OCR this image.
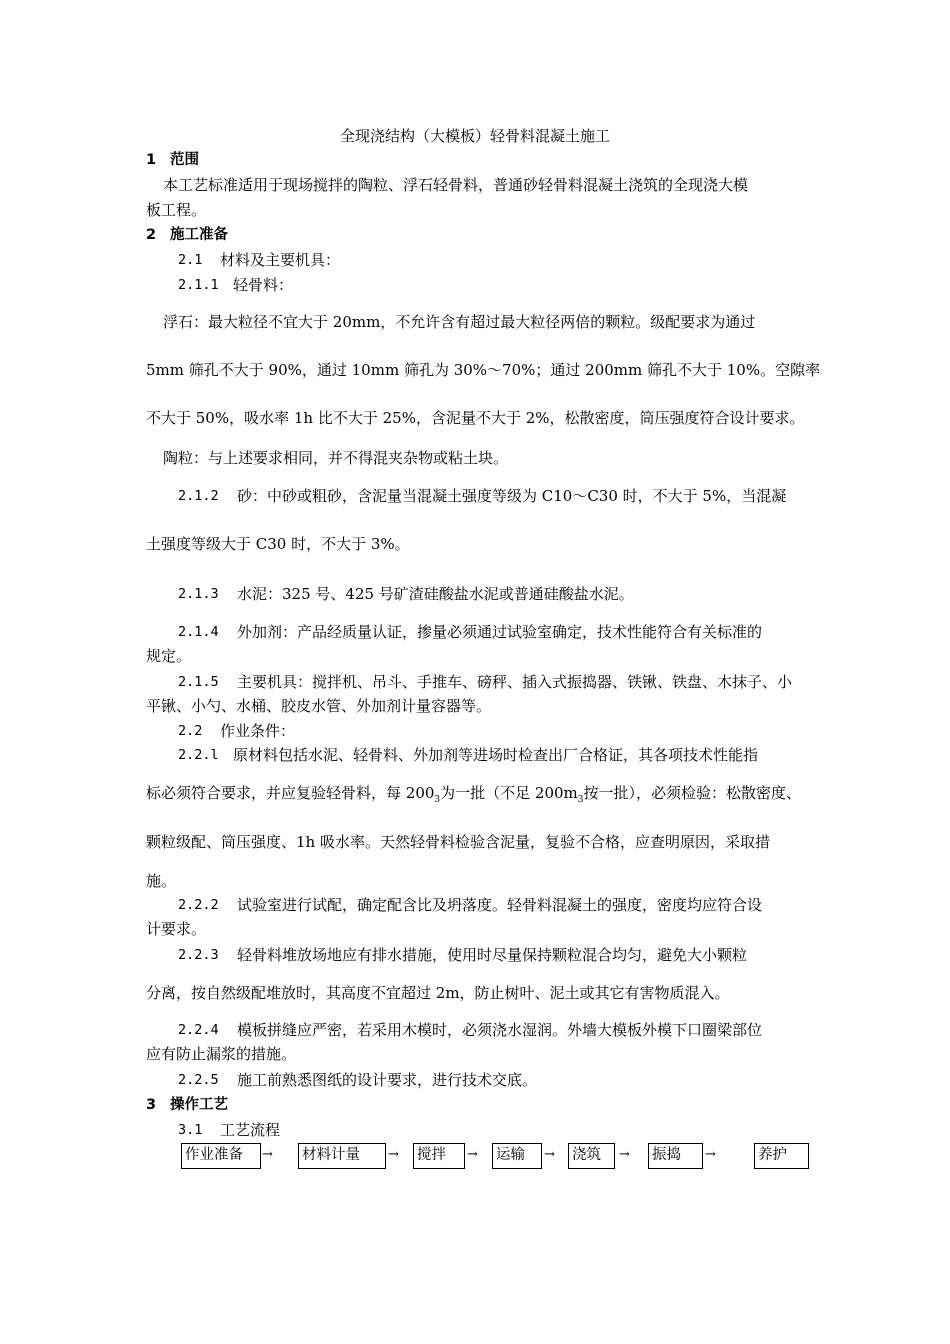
全现浇结构（大模板）轻骨料混凝土施工
1 范围
本工艺标准适用于现场搅拌的陶粒、浮石轻骨料，普通砂轻骨料混凝土浇筑的全现浇大模
板工程。
2 施工准备
2.1 材料及主要机具：
2.1.1 轻骨料：
浮石：最大粒径不宜大于 20mm，不允许含有超过最大粒径两倍的颗粒。级配要求为通过
5mm 筛孔不大于 90%，通过 10mm 筛孔为 30%～70%；通过 200mm 筛孔不大于 10%。空隙率
不大于 50%，吸水率 1h 比不大于 25%，含泥量不大于 2%，松散密度，筒压强度符合设计要求。
陶粒：与上述要求相同，并不得混夹杂物或粘土块。
2.1.2 砂：中砂或粗砂，含泥量当混凝土强度等级为 C10～C30 时，不大于 5%，当混凝
土强度等级大于 C30 时，不大于 3%。
2.1.3 水泥：325 号、425 号矿渣硅酸盐水泥或普通硅酸盐水泥。
2.1.4 外加剂：产品经质量认证，掺量必须通过试验室确定，技术性能符合有关标准的
规定。
2.1.5 主要机具：搅拌机、吊斗、手推车、磅秤、插入式振捣器、铁锹、铁盘、木抹子、小
平锹、小勺、水桶、胶皮水管、外加剂计量容器等。
2.2 作业条件：
2.2.l 原材料包括水泥、轻骨料、外加剂等进场时检查出厂合格证，其各项技术性能指
标必须符合要求，并应复验轻骨料，每 $200_3$为一批（不足 $200m_3$按一批），必须检验：松散密度、
颗粒级配、筒压强度、1h 吸水率。天然轻骨料检验含泥量，复验不合格，应查明原因，采取措
施。
2.2.2 试验室进行试配，确定配含比及坍落度。轻骨料混凝土的强度，密度均应符合设
计要求。
2.2.3 轻骨料堆放场地应有排水措施，使用时尽量保持颗粒混合均匀，避免大小颗粒
分离，按自然级配堆放时，其高度不宜超过 2m，防止树叶、泥土或其它有害物质混入。
2.2.4 模板拼缝应严密，若采用木模时，必须浇水湿润。外墙大模板外模下口圈梁部位
应有防止漏浆的措施。
2.2.5 施工前熟悉图纸的设计要求，进行技术交底。
3 操作工艺
3.1 工艺流程
作业准备	→ 材料计量	→ 搅拌	→ 运输	→ 浇筑	→ 振捣	→	养护
